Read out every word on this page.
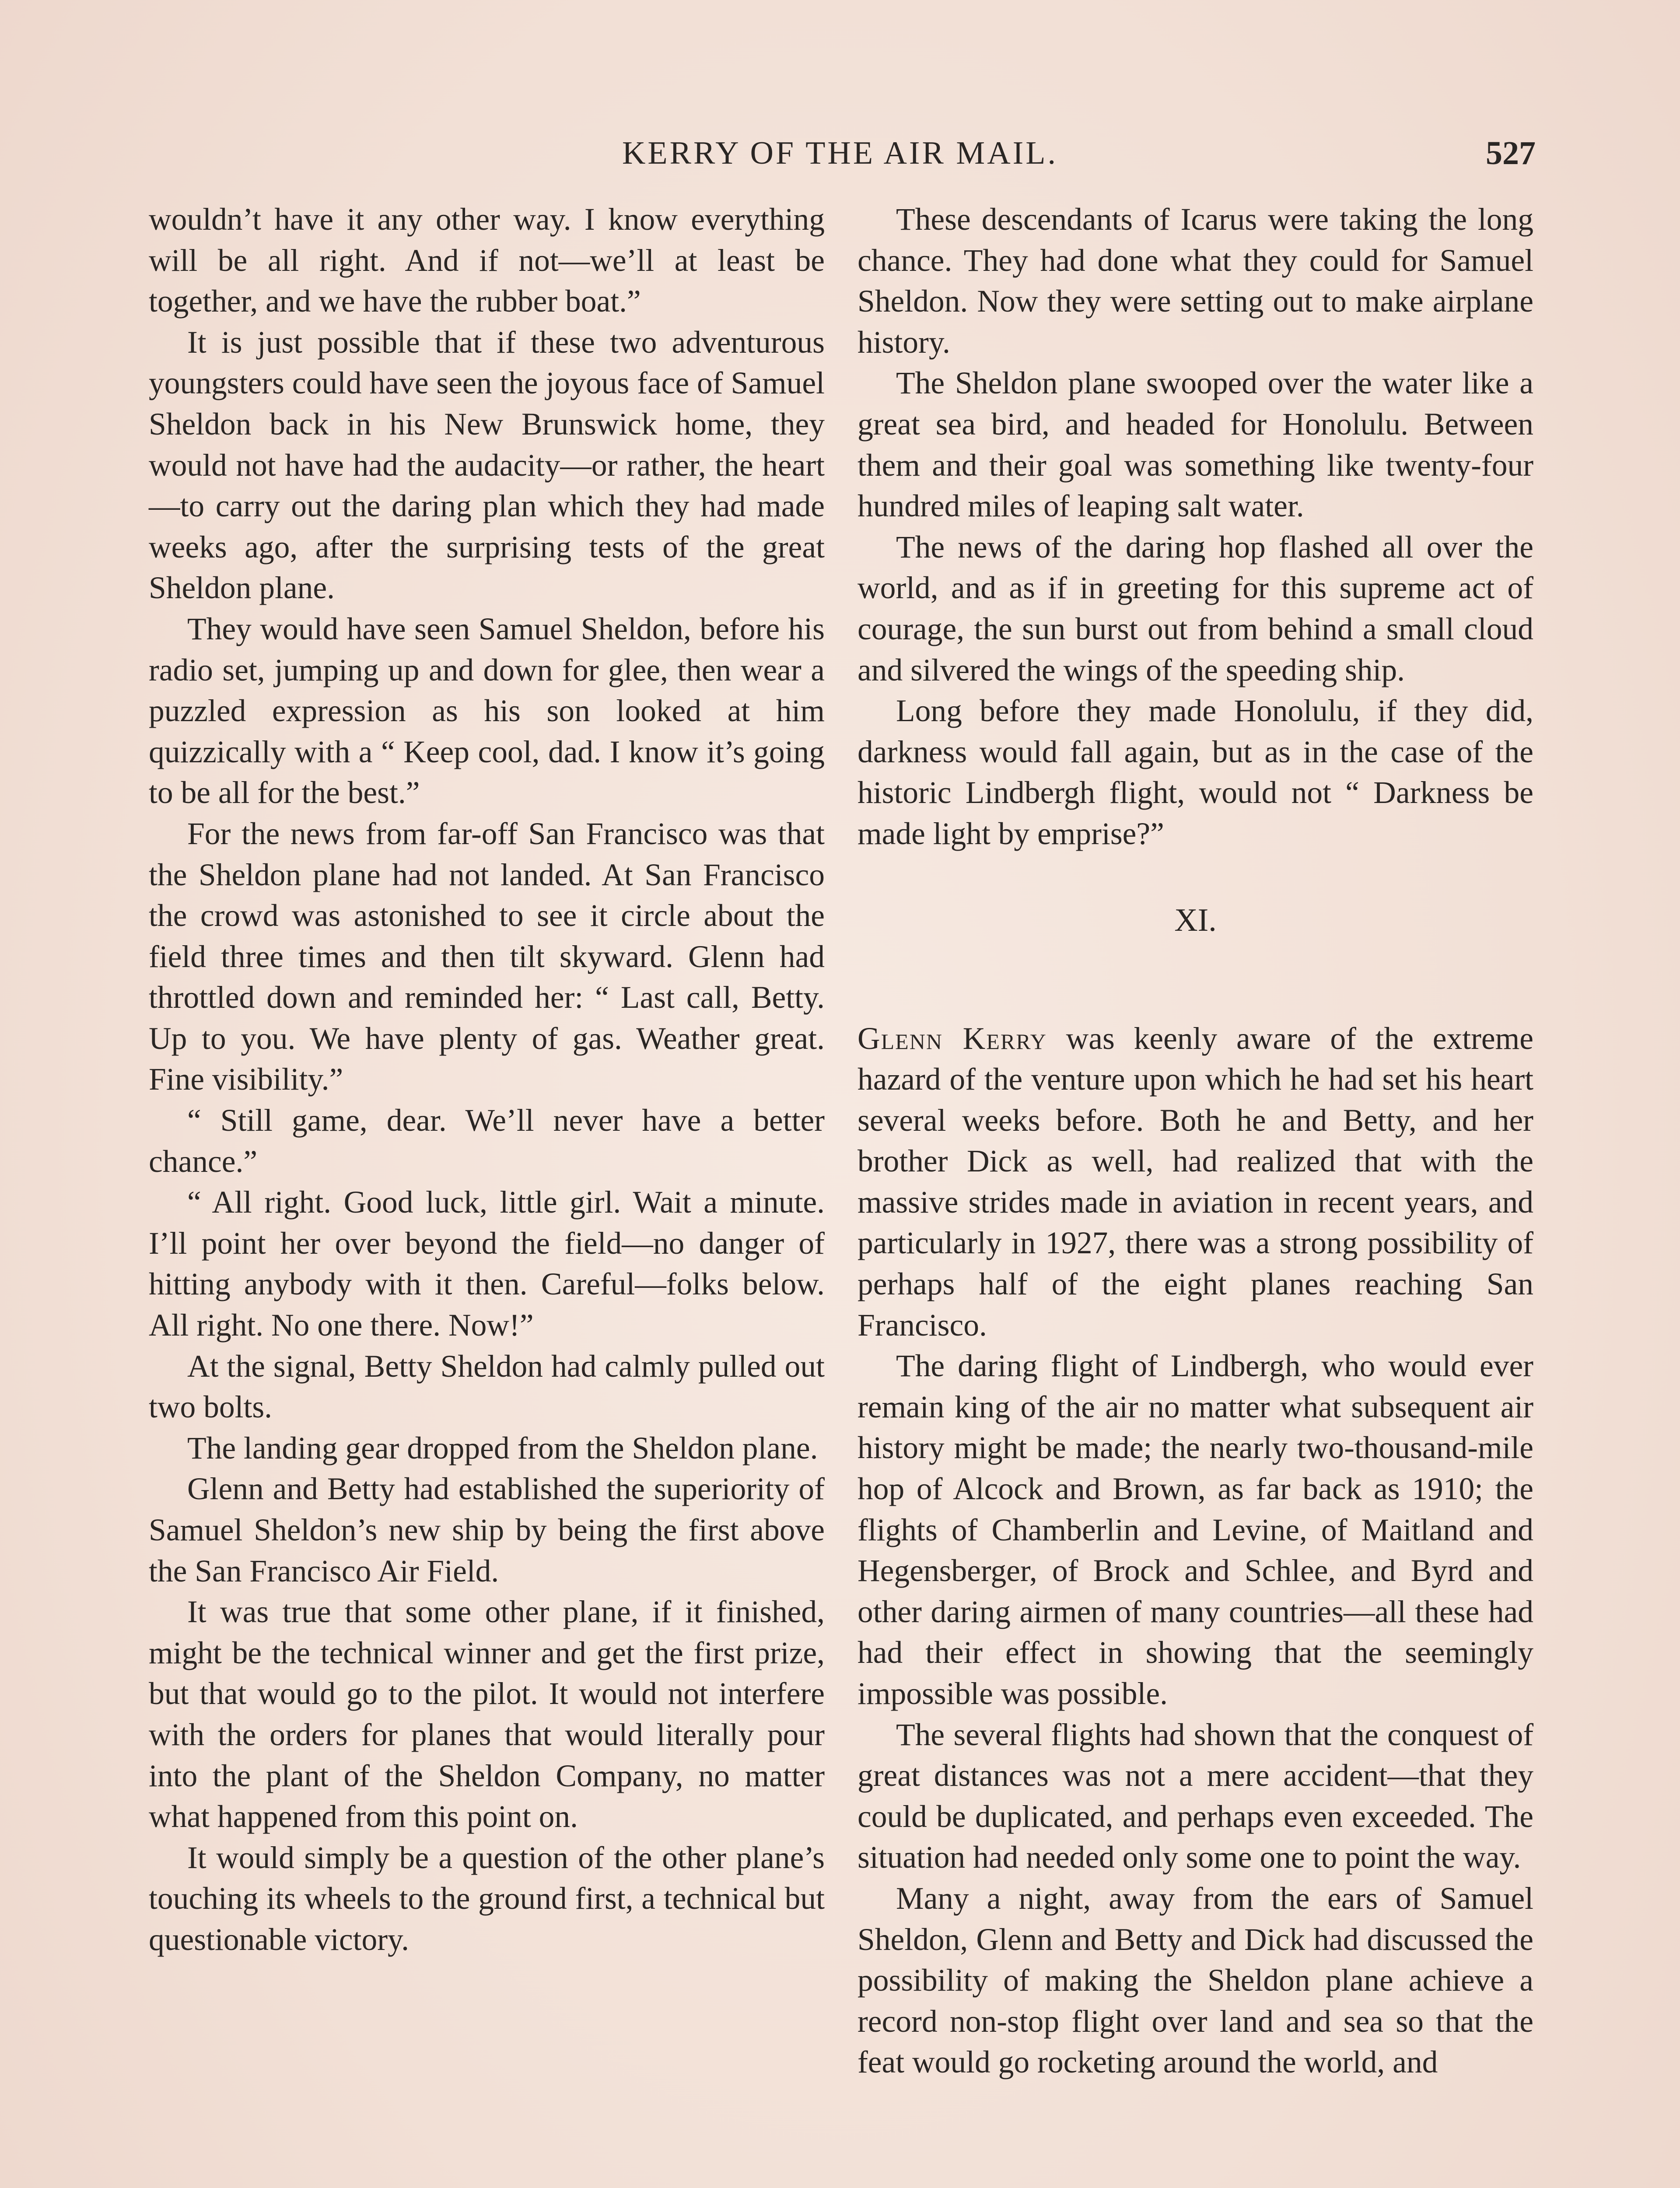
KERRY OF THE AIR MAIL.	527

wouldn’t have it any other way. I know everything will be all right. And if not—we’ll at least be together, and we have the rubber boat.”

It is just possible that if these two adventurous youngsters could have seen the joyous face of Samuel Sheldon back in his New Brunswick home, they would not have had the audacity—or rather, the heart—to carry out the daring plan which they had made weeks ago, after the surprising tests of the great Sheldon plane.

They would have seen Samuel Sheldon, before his radio set, jumping up and down for glee, then wear a puzzled expression as his son looked at him quizzically with a “ Keep cool, dad. I know it’s going to be all for the best.”

For the news from far-off San Francisco was that the Sheldon plane had not landed. At San Francisco the crowd was astonished to see it circle about the field three times and then tilt skyward. Glenn had throttled down and reminded her: “ Last call, Betty. Up to you. We have plenty of gas. Weather great. Fine visibility.”

“ Still game, dear. We’ll never have a better chance.”

“ All right. Good luck, little girl. Wait a minute. I’ll point her over beyond the field—no danger of hitting anybody with it then. Careful—folks below. All right. No one there. Now!”

At the signal, Betty Sheldon had calmly pulled out two bolts.

The landing gear dropped from the Sheldon plane.

Glenn and Betty had established the superiority of Samuel Sheldon’s new ship by being the first above the San Francisco Air Field.

It was true that some other plane, if it finished, might be the technical winner and get the first prize, but that would go to the pilot. It would not interfere with the orders for planes that would literally pour into the plant of the Sheldon Company, no matter what happened from this point on.

It would simply be a question of the other plane’s touching its wheels to the ground first, a technical but questionable victory.

These descendants of Icarus were taking the long chance. They had done what they could for Samuel Sheldon. Now they were setting out to make airplane history.

The Sheldon plane swooped over the water like a great sea bird, and headed for Honolulu. Between them and their goal was something like twenty-four hundred miles of leaping salt water.

The news of the daring hop flashed all over the world, and as if in greeting for this supreme act of courage, the sun burst out from behind a small cloud and silvered the wings of the speeding ship.

Long before they made Honolulu, if they did, darkness would fall again, but as in the case of the historic Lindbergh flight, would not “ Darkness be made light by emprise?”

XI.

Glenn Kerry was keenly aware of the extreme hazard of the venture upon which he had set his heart several weeks before. Both he and Betty, and her brother Dick as well, had realized that with the massive strides made in aviation in recent years, and particularly in 1927, there was a strong possibility of perhaps half of the eight planes reaching San Francisco.

The daring flight of Lindbergh, who would ever remain king of the air no matter what subsequent air history might be made; the nearly two-thousand-mile hop of Alcock and Brown, as far back as 1910; the flights of Chamberlin and Levine, of Maitland and Hegensberger, of Brock and Schlee, and Byrd and other daring airmen of many countries—all these had had their effect in showing that the seemingly impossible was possible.

The several flights had shown that the conquest of great distances was not a mere accident—that they could be duplicated, and perhaps even exceeded. The situation had needed only some one to point the way.

Many a night, away from the ears of Samuel Sheldon, Glenn and Betty and Dick had discussed the possibility of making the Sheldon plane achieve a record non-stop flight over land and sea so that the feat would go rocketing around the world, and
